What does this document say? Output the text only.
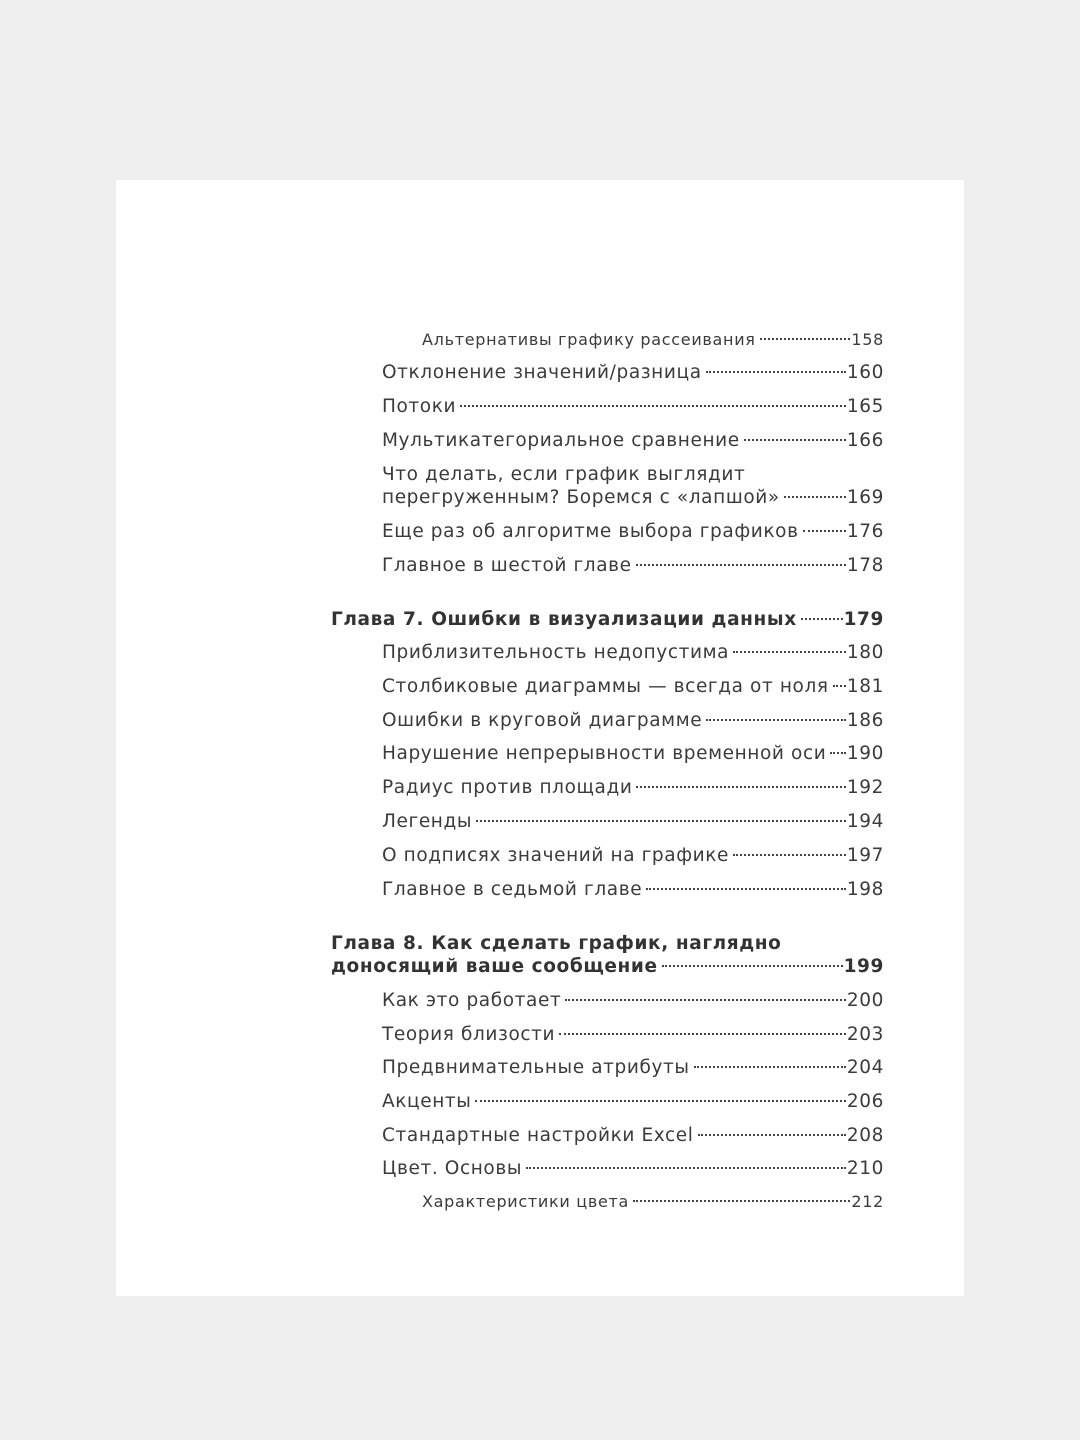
Альтернативы графику рассеивания	158
Отклонение значений/разница	160
Потоки	165
Мультикатегориальное сравнение	166
Что делать, если график выглядит
перегруженным? Боремся с «лапшой»	169
Еще раз об алгоритме выбора графиков	176
Главное в шестой главе	178
Глава 7. Ошибки в визуализации данных	179
Приблизительность недопустима	180
Столбиковые диаграммы — всегда от ноля 181
Ошибки в круговой диаграмме	186
Нарушение непрерывности временной оси 190
Радиус против площади	192
Легенды	194
О подписях значений на графике	197
Главное в седьмой главе	198
Глава 8. Как сделать график, наглядно
доносящий ваше сообщение	199
Как это работает	200
Теория близости	203
Предвнимательные атрибуты	204
Акценты	206
Стандартные настройки Excel	208
Цвет. Основы	210
Характеристики цвета	212
